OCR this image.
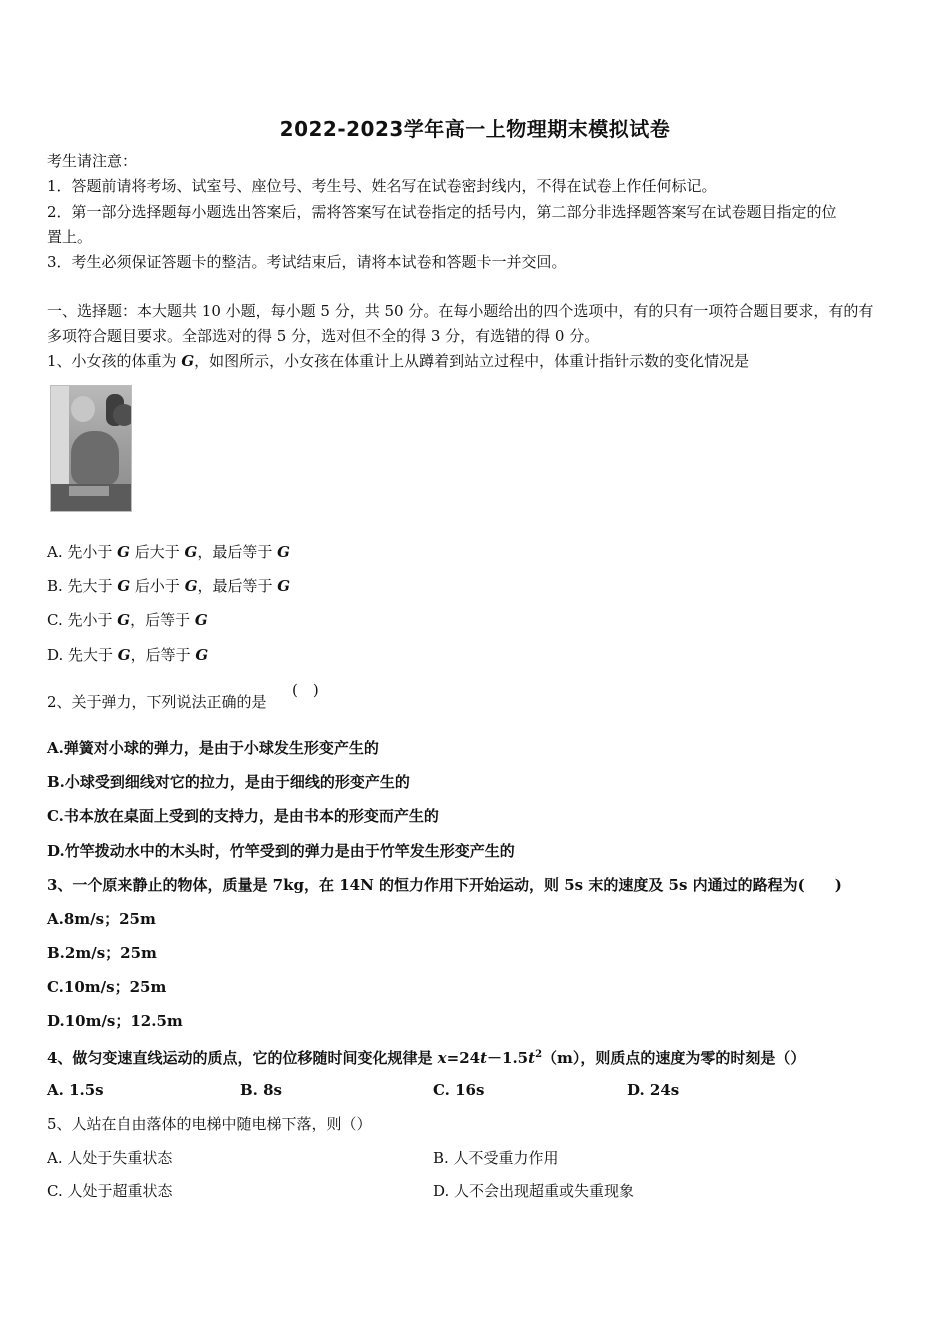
2022-2023学年高一上物理期末模拟试卷
考生请注意：
1．答题前请将考场、试室号、座位号、考生号、姓名写在试卷密封线内，不得在试卷上作任何标记。
2．第一部分选择题每小题选出答案后，需将答案写在试卷指定的括号内，第二部分非选择题答案写在试卷题目指定的位
置上。
3．考生必须保证答题卡的整洁。考试结束后，请将本试卷和答题卡一并交回。
一、选择题：本大题共 10 小题，每小题 5 分，共 50 分。在每小题给出的四个选项中，有的只有一项符合题目要求，有的有
多项符合题目要求。全部选对的得 5 分，选对但不全的得 3 分，有选错的得 0 分。
1、小女孩的体重为 G，如图所示，小女孩在体重计上从蹲着到站立过程中，体重计指针示数的变化情况是
A. 先小于 G 后大于 G，最后等于 G
B. 先大于 G 后小于 G，最后等于 G
C. 先小于 G，后等于 G
D. 先大于 G，后等于 G
2、关于弹力，下列说法正确的是
(　)
A.弹簧对小球的弹力，是由于小球发生形变产生的
B.小球受到细线对它的拉力，是由于细线的形变产生的
C.书本放在桌面上受到的支持力，是由书本的形变而产生的
D.竹竿拨动水中的木头时，竹竿受到的弹力是由于竹竿发生形变产生的
3、一个原来静止的物体，质量是 7kg，在 14N 的恒力作用下开始运动，则 5s 末的速度及 5s 内通过的路程为(　　)
A.8m/s；25m
B.2m/s；25m
C.10m/s；25m
D.10m/s；12.5m
4、做匀变速直线运动的质点，它的位移随时间变化规律是 $x=24t-1.5t^2(m)$，则质点的速度为零的时刻是（）
A. 1.5s	B. 8s	C. 16s	D. 24s
5、人站在自由落体的电梯中随电梯下落，则（）
A. 人处于失重状态	B. 人不受重力作用
C. 人处于超重状态	D. 人不会出现超重或失重现象
